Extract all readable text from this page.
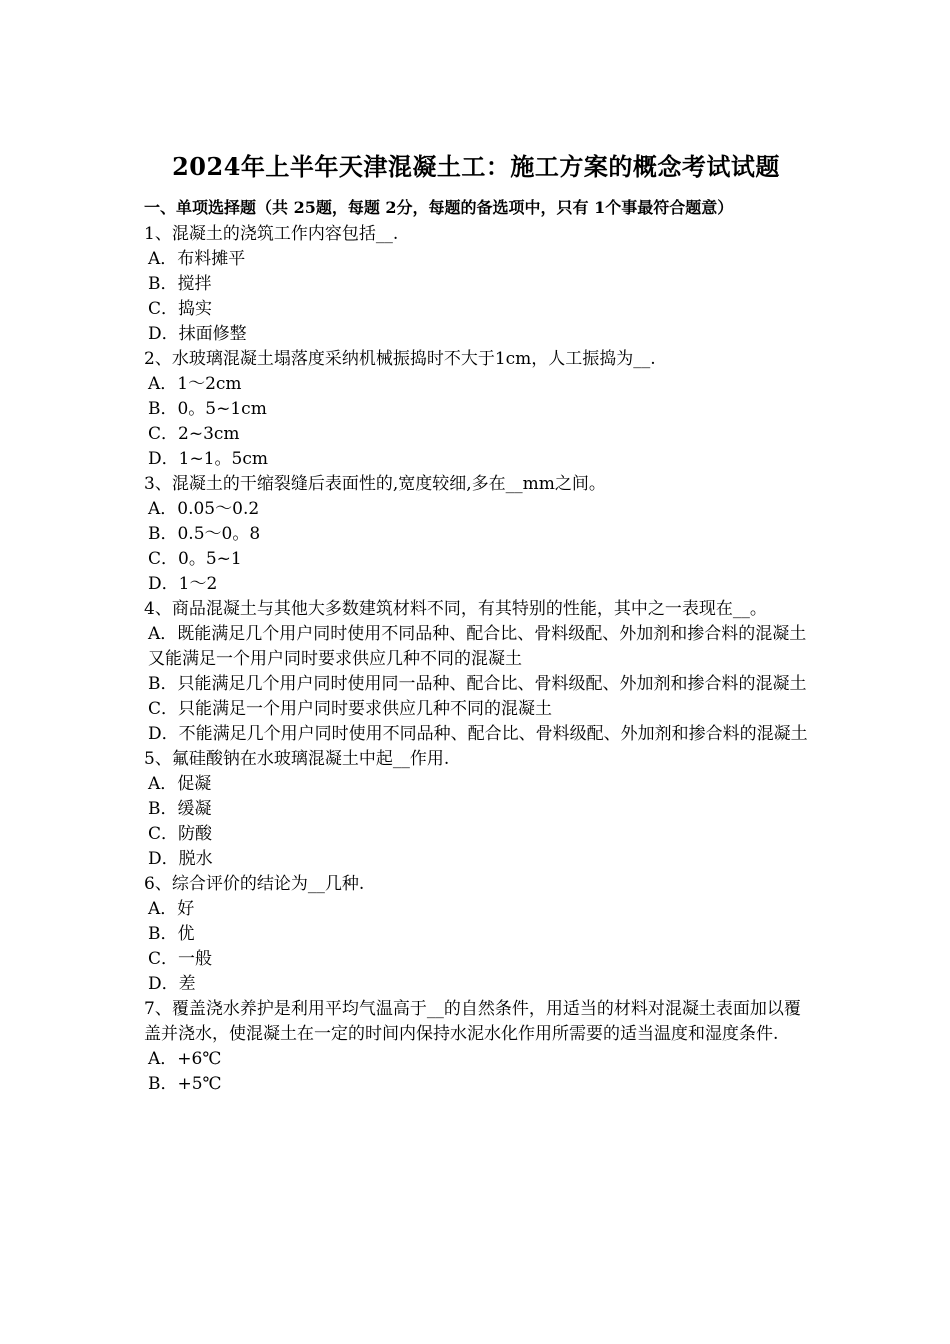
2024年上半年天津混凝土工：施工方案的概念考试试题
一、单项选择题（共 25题，每题 2分，每题的备选项中，只有 1个事最符合题意）
1、混凝土的浇筑工作内容包括__.
A．布料摊平
B．搅拌
C．捣实
D．抹面修整
2、水玻璃混凝土塌落度采纳机械振捣时不大于1cm，人工振捣为__.
A．1～2cm
B．0。5~1cm
C．2~3cm
D．1~1。5cm
3、混凝土的干缩裂缝后表面性的,宽度较细,多在__mm之间。
A．0.05～0.2
B．0.5～0。8
C．0。5~1
D．1～2
4、商品混凝土与其他大多数建筑材料不同，有其特别的性能，其中之一表现在__。
A．既能满足几个用户同时使用不同品种、配合比、骨料级配、外加剂和掺合料的混凝土又能满足一个用户同时要求供应几种不同的混凝土
B．只能满足几个用户同时使用同一品种、配合比、骨料级配、外加剂和掺合料的混凝土
C．只能满足一个用户同时要求供应几种不同的混凝土
D．不能满足几个用户同时使用不同品种、配合比、骨料级配、外加剂和掺合料的混凝土
5、氟硅酸钠在水玻璃混凝土中起__作用.
A．促凝
B．缓凝
C．防酸
D．脱水
6、综合评价的结论为__几种.
A．好
B．优
C．一般
D．差
7、覆盖浇水养护是利用平均气温高于__的自然条件，用适当的材料对混凝土表面加以覆盖并浇水，使混凝土在一定的时间内保持水泥水化作用所需要的适当温度和湿度条件.
A．+6℃
B．+5℃
